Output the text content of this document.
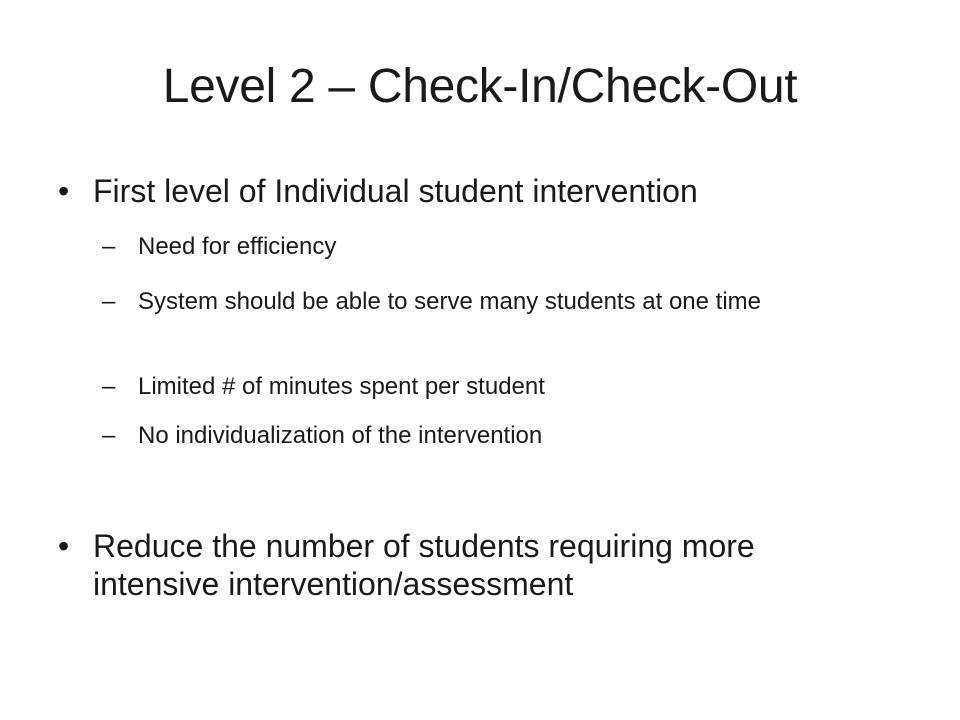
Level 2 – Check-In/Check-Out
• First level of Individual student intervention
– Need for efficiency
– System should be able to serve many students at one time
– Limited # of minutes spent per student
– No individualization of the intervention
• Reduce the number of students requiring more intensive intervention/assessment
